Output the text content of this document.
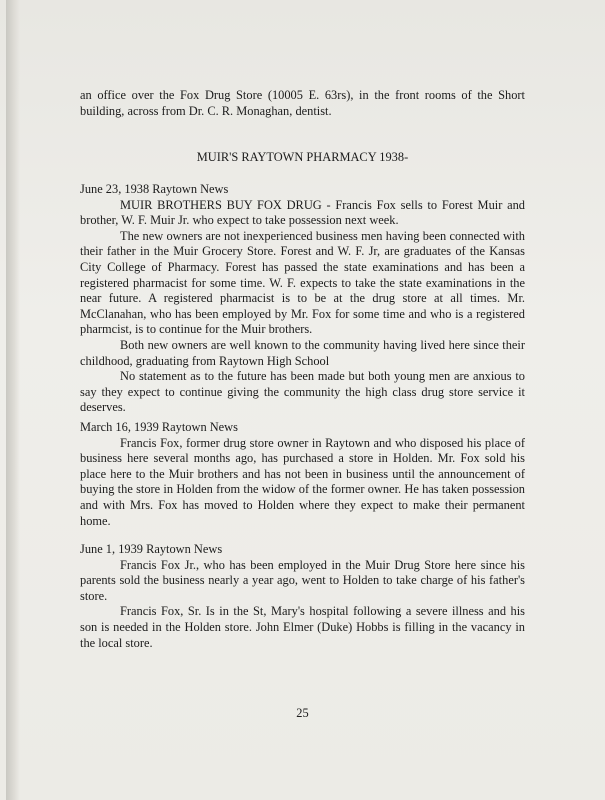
an office over the Fox Drug Store (10005 E. 63rs), in the front rooms of the Short building, across from Dr. C. R. Monaghan, dentist.

MUIR'S RAYTOWN PHARMACY 1938-

June 23, 1938 Raytown News

MUIR BROTHERS BUY FOX DRUG - Francis Fox sells to Forest Muir and brother, W. F. Muir Jr. who expect to take possession next week.

The new owners are not inexperienced business men having been connected with their father in the Muir Grocery Store. Forest and W. F. Jr, are graduates of the Kansas City College of Pharmacy. Forest has passed the state examinations and has been a registered pharmacist for some time. W. F. expects to take the state examinations in the near future. A registered pharmacist is to be at the drug store at all times. Mr. McClanahan, who has been employed by Mr. Fox for some time and who is a registered pharmcist, is to continue for the Muir brothers.

Both new owners are well known to the community having lived here since their childhood, graduating from Raytown High School

No statement as to the future has been made but both young men are anxious to say they expect to continue giving the community the high class drug store service it deserves.

March 16, 1939 Raytown News

Francis Fox, former drug store owner in Raytown and who disposed his place of business here several months ago, has purchased a store in Holden. Mr. Fox sold his place here to the Muir brothers and has not been in business until the announcement of buying the store in Holden from the widow of the former owner. He has taken possession and with Mrs. Fox has moved to Holden where they expect to make their permanent home.

June 1, 1939 Raytown News

Francis Fox Jr., who has been employed in the Muir Drug Store here since his parents sold the business nearly a year ago, went to Holden to take charge of his father's store.

Francis Fox, Sr. Is in the St, Mary's hospital following a severe illness and his son is needed in the Holden store. John Elmer (Duke) Hobbs is filling in the vacancy in the local store.

25
